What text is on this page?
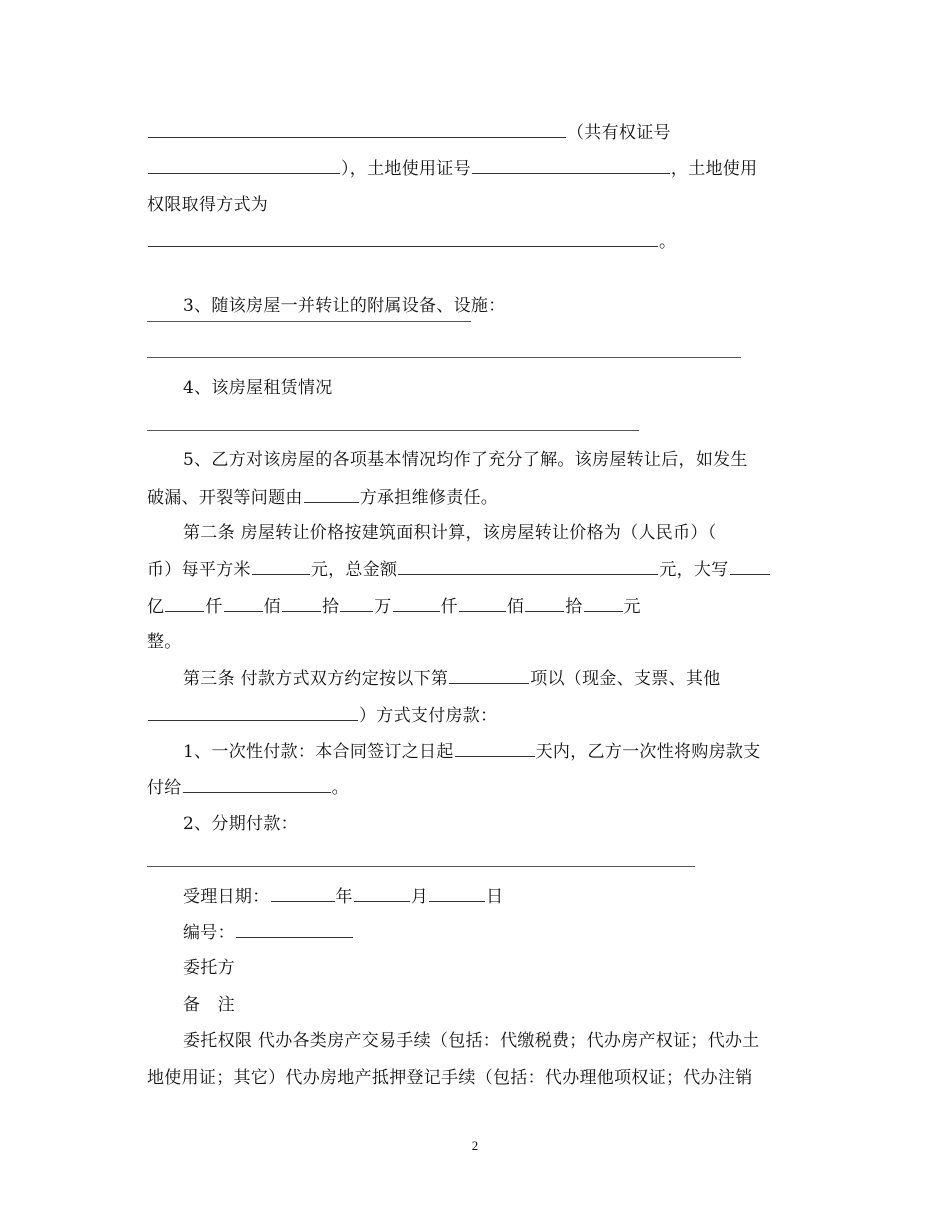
（共有权证号
），土地使用证号	，土地使用
权限取得方式为
。
3、随该房屋一并转让的附属设备、设施：
4、该房屋租赁情况
5、乙方对该房屋的各项基本情况均作了充分了解。该房屋转让后，如发生
破漏、开裂等问题由	方承担维修责任。
第二条 房屋转让价格按建筑面积计算，该房屋转让价格为（人民币）（
币）每平方米	元，总金额	元，大写
亿 仟 佰 拾 万	仟	佰 拾 元
整。
第三条 付款方式双方约定按以下第	项以（现金、支票、其他
）方式支付房款：
1、一次性付款：本合同签订之日起	天内，乙方一次性将购房款支
付给	。
2、分期付款：
受理日期：	年	月	日
编号：
委托方
备　注
委托权限 代办各类房产交易手续（包括：代缴税费；代办房产权证；代办土
地使用证；其它）代办房地产抵押登记手续（包括：代办理他项权证；代办注销
2
